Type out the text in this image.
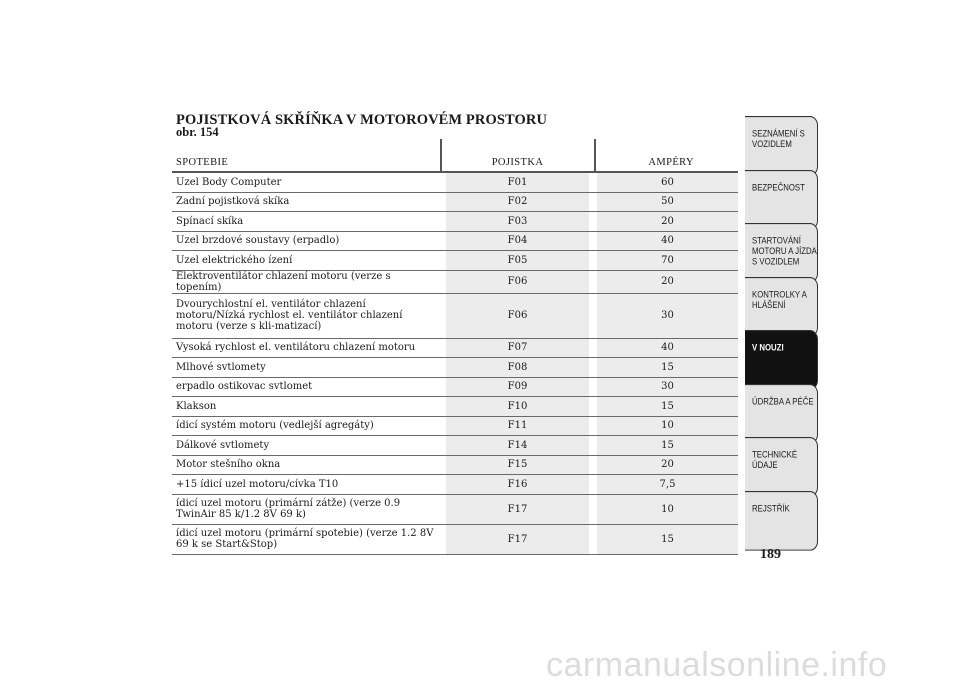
POJISTKOVÁ SKŘÍŇKA V MOTOROVÉM PROSTORU
obr. 154
SPOTEBIE		POJISTKA		AMPÉRY
Uzel Body Computer		F01		60
Zadní pojistková skíka		F02		50
Spínací skíka		F03		20
Uzel brzdové soustavy (erpadlo)		F04		40
Uzel elektrického ízení		F05		70
Elektroventilátor chlazení motoru (verze s topením)		F06		20
Dvourychlostní el. ventilátor chlazení motoru/Nízká rychlost el. ventilátor chlazení motoru (verze s kli-matizací)		F06		30
Vysoká rychlost el. ventilátoru chlazení motoru		F07		40
Mlhové svtlomety		F08		15
erpadlo ostikovac svtlomet		F09		30
Klakson		F10		15
ídicí systém motoru (vedlejší agregáty)		F11		10
Dálkové svtlomety		F14		15
Motor stešního okna		F15		20
+15 ídicí uzel motoru/cívka T10		F16		7,5
ídicí uzel motoru (primární zátže) (verze 0.9 TwinAir 85 k/1.2 8V 69 k)		F17		10
ídicí uzel motoru (primární spotebie) (verze 1.2 8V 69 k se Start&Stop)		F17		15
SEZNÁMENÍ S
VOZIDLEM
BEZPEČNOST
STARTOVÁNÍ
MOTORU A JÍZDA
S VOZIDLEM
KONTROLKY A
HLÁŠENÍ
V NOUZI
ÚDRŽBA A PÉČE
TECHNICKÉ
ÚDAJE
REJSTŘÍK
189
carmanualsonline.info
